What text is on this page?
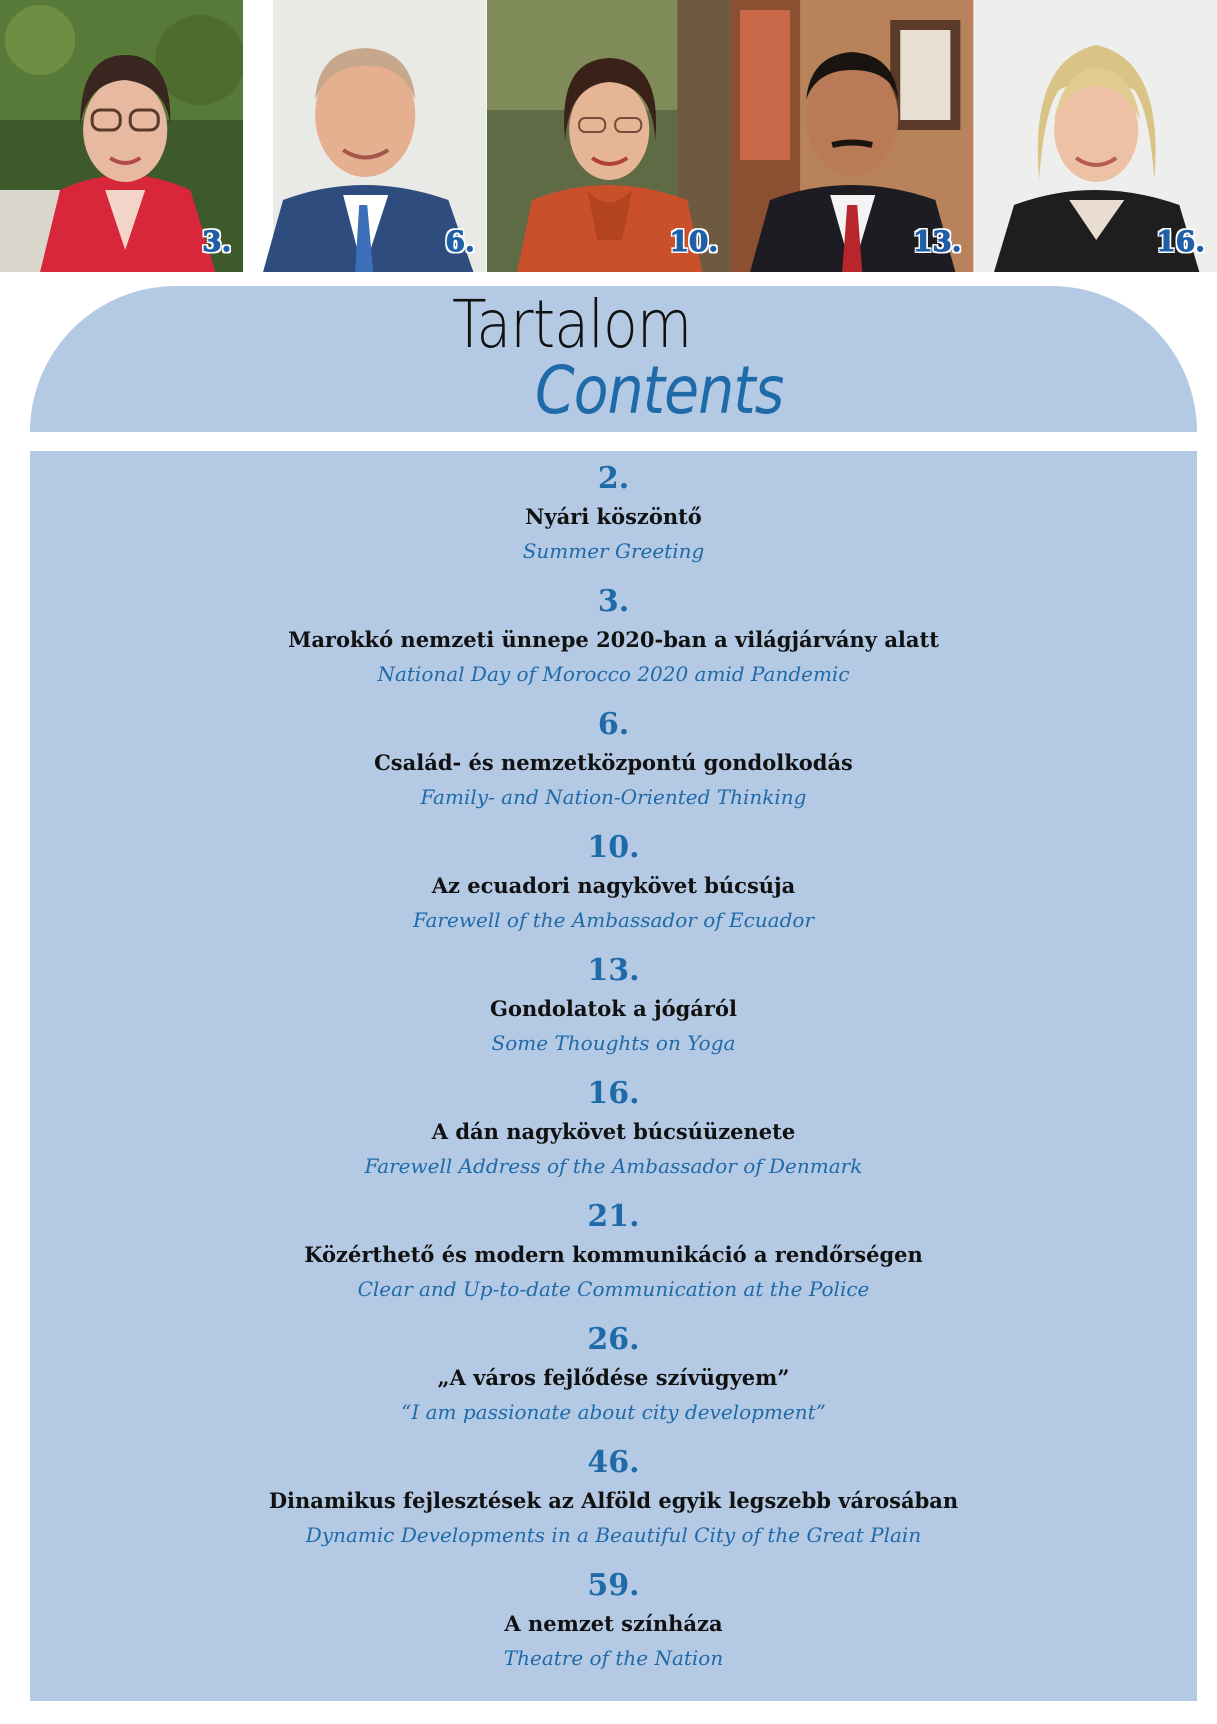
3.	6.	10.	13.	16.
Tartalom
Contents
2.
Nyári köszöntő
Summer Greeting
3.
Marokkó nemzeti ünnepe 2020-ban a világjárvány alatt
National Day of Morocco 2020 amid Pandemic
6.
Család- és nemzetközpontú gondolkodás
Family- and Nation-Oriented Thinking
10.
Az ecuadori nagykövet búcsúja
Farewell of the Ambassador of Ecuador
13.
Gondolatok a jógáról
Some Thoughts on Yoga
16.
A dán nagykövet búcsúüzenete
Farewell Address of the Ambassador of Denmark
21.
Közérthető és modern kommunikáció a rendőrségen
Clear and Up-to-date Communication at the Police
26.
„A város fejlődése szívügyem”
“I am passionate about city development”
46.
Dinamikus fejlesztések az Alföld egyik legszebb városában
Dynamic Developments in a Beautiful City of the Great Plain
59.
A nemzet színháza
Theatre of the Nation
